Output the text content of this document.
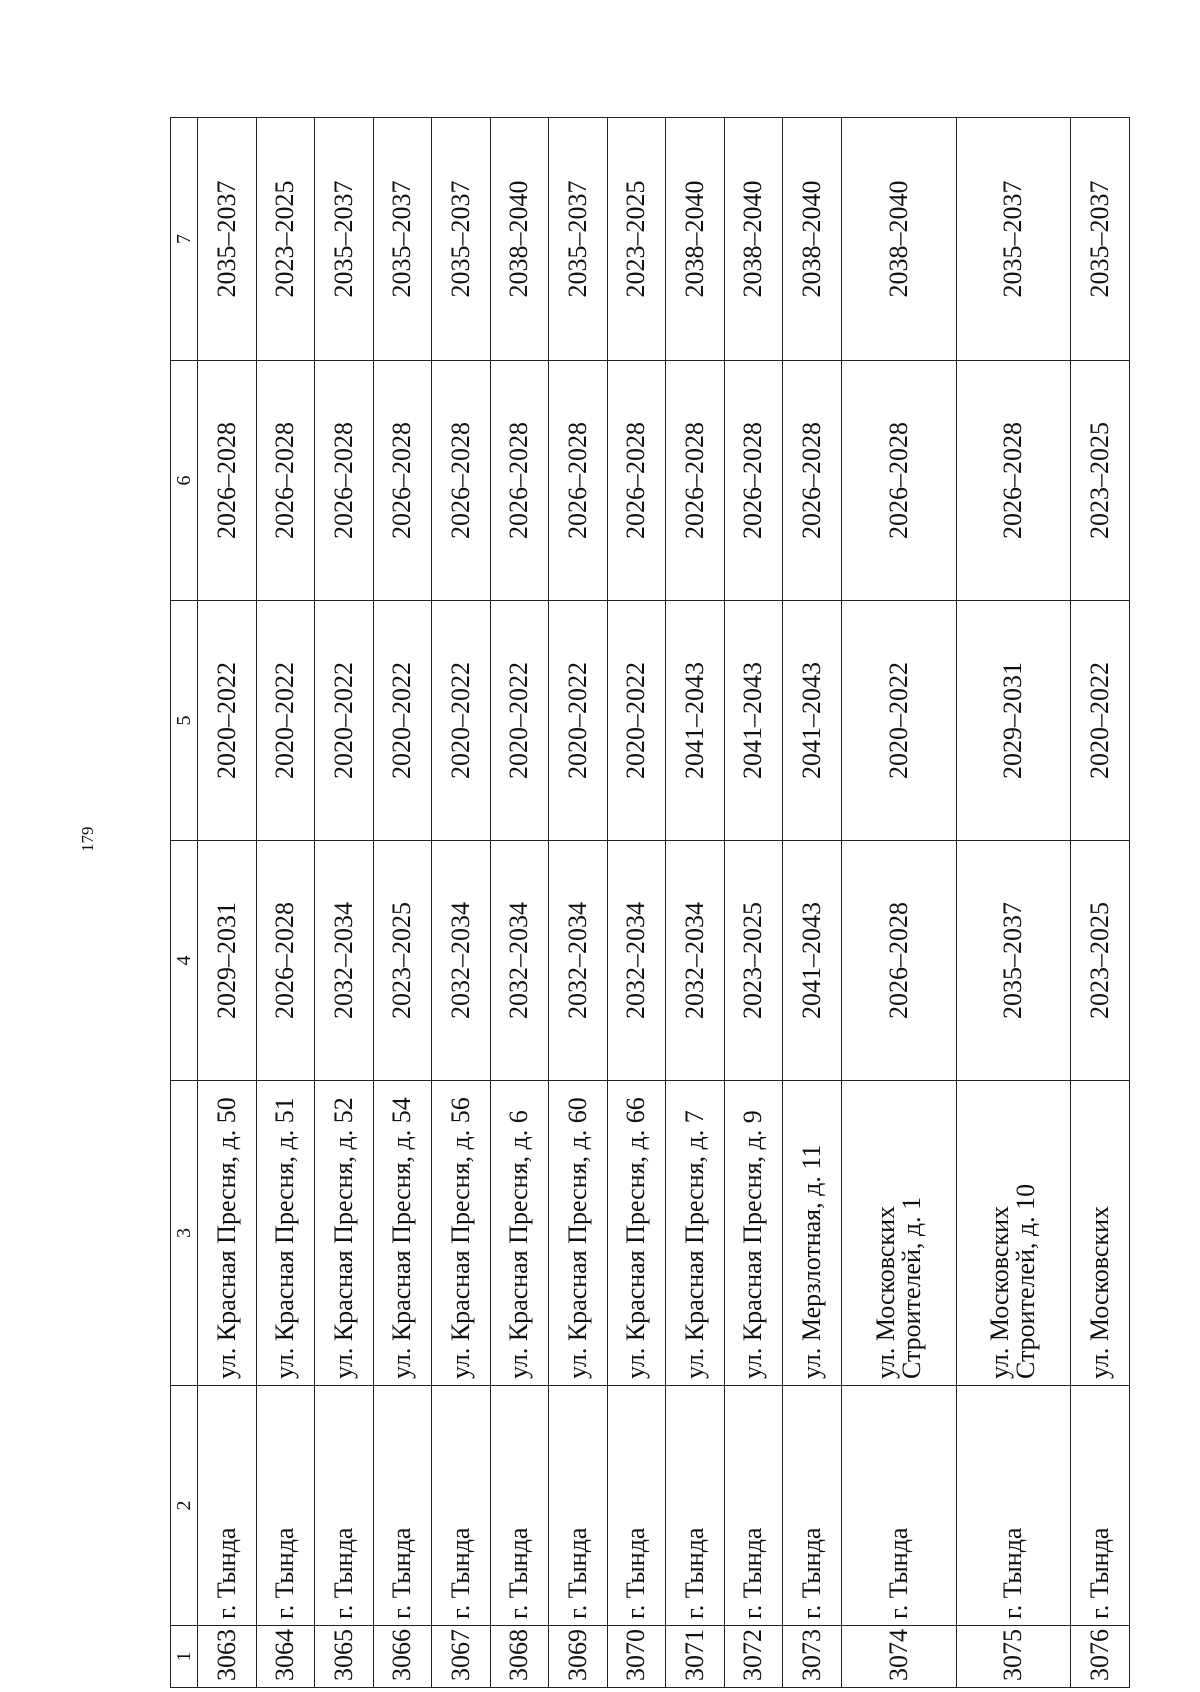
179
1	2	3	4	5	6	7
3063	г. Тында	ул. Красная Пресня, д. 50	2029–2031	2020–2022	2026–2028	2035–2037
3064	г. Тында	ул. Красная Пресня, д. 51	2026–2028	2020–2022	2026–2028	2023–2025
3065	г. Тында	ул. Красная Пресня, д. 52	2032–2034	2020–2022	2026–2028	2035–2037
3066	г. Тында	ул. Красная Пресня, д. 54	2023–2025	2020–2022	2026–2028	2035–2037
3067	г. Тында	ул. Красная Пресня, д. 56	2032–2034	2020–2022	2026–2028	2035–2037
3068	г. Тында	ул. Красная Пресня, д. 6	2032–2034	2020–2022	2026–2028	2038–2040
3069	г. Тында	ул. Красная Пресня, д. 60	2032–2034	2020–2022	2026–2028	2035–2037
3070	г. Тында	ул. Красная Пресня, д. 66	2032–2034	2020–2022	2026–2028	2023–2025
3071	г. Тында	ул. Красная Пресня, д. 7	2032–2034	2041–2043	2026–2028	2038–2040
3072	г. Тында	ул. Красная Пресня, д. 9	2023–2025	2041–2043	2026–2028	2038–2040
3073	г. Тында	ул. Мерзлотная, д. 11	2041–2043	2041–2043	2026–2028	2038–2040
3074	г. Тында	ул. Московских Строителей, д. 1	2026–2028	2020–2022	2026–2028	2038–2040
3075	г. Тында	ул. Московских Строителей, д. 10	2035–2037	2029–2031	2026–2028	2035–2037
3076	г. Тында	ул. Московских	2023–2025	2020–2022	2023–2025	2035–2037
